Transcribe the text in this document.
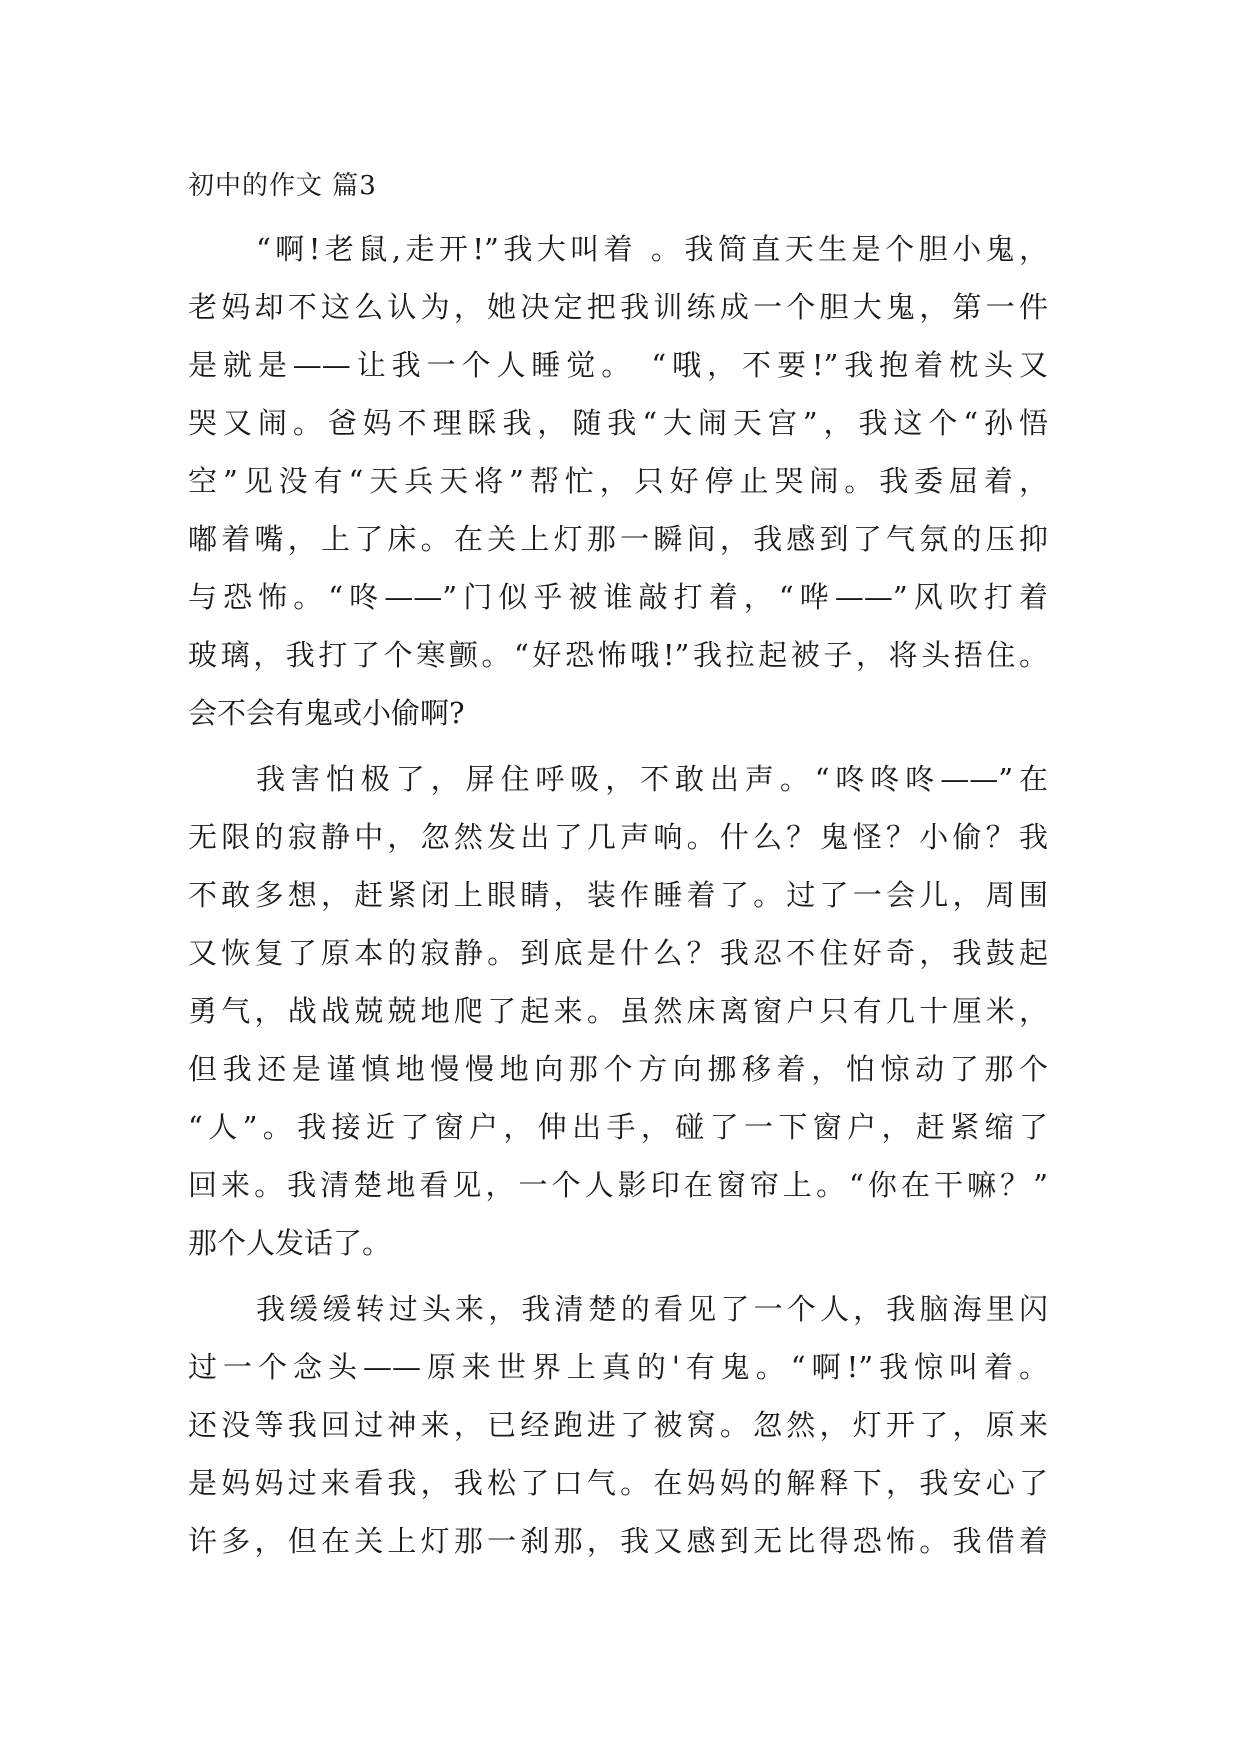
初中的作文 篇3
“啊!老鼠,走开!”我大叫着 。我简直天生是个胆小鬼，
老妈却不这么认为，她决定把我训练成一个胆大鬼，第一件
是就是——让我一个人睡觉。 “哦，不要!”我抱着枕头又
哭又闹。爸妈不理睬我，随我“大闹天宫”，我这个“孙悟
空”见没有“天兵天将”帮忙，只好停止哭闹。我委屈着，
嘟着嘴，上了床。在关上灯那一瞬间，我感到了气氛的压抑
与恐怖。“咚——”门似乎被谁敲打着，“哗——”风吹打着
玻璃，我打了个寒颤。“好恐怖哦!”我拉起被子，将头捂住。
会不会有鬼或小偷啊?
我害怕极了，屏住呼吸，不敢出声。“咚咚咚——”在
无限的寂静中，忽然发出了几声响。什么？鬼怪？小偷？我
不敢多想，赶紧闭上眼睛，装作睡着了。过了一会儿，周围
又恢复了原本的寂静。到底是什么？我忍不住好奇，我鼓起
勇气，战战兢兢地爬了起来。虽然床离窗户只有几十厘米，
但我还是谨慎地慢慢地向那个方向挪移着，怕惊动了那个
“人”。我接近了窗户，伸出手，碰了一下窗户，赶紧缩了
回来。我清楚地看见，一个人影印在窗帘上。“你在干嘛？”
那个人发话了。
我缓缓转过头来，我清楚的看见了一个人，我脑海里闪
过一个念头——原来世界上真的'有鬼。“啊!”我惊叫着。
还没等我回过神来，已经跑进了被窝。忽然，灯开了，原来
是妈妈过来看我，我松了口气。在妈妈的解释下，我安心了
许多，但在关上灯那一刹那，我又感到无比得恐怖。我借着
